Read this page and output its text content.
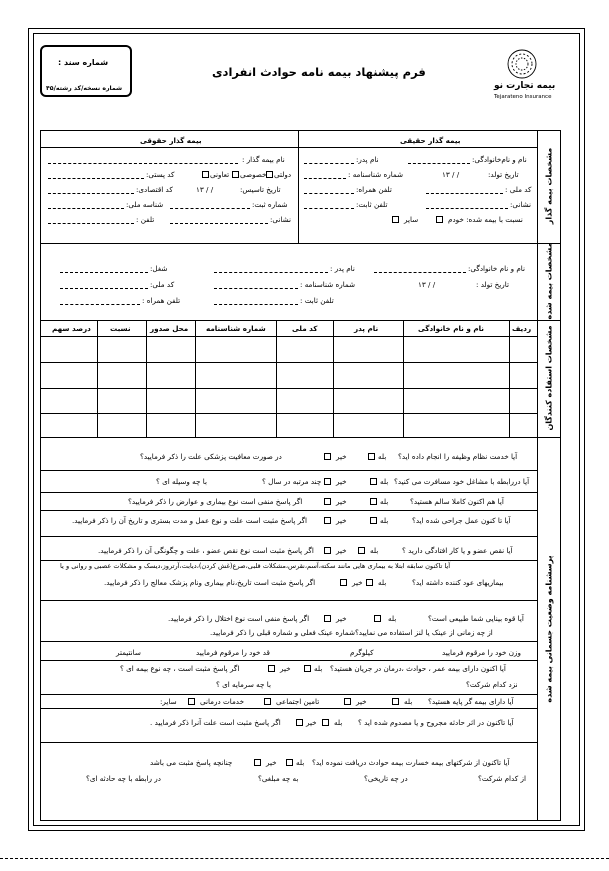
شماره سند :
شماره نسخه/کد رشته/۴۵
فرم پیشنهاد بیمه نامه حوادث انفرادی
بیمه تجارت نو
Tejarateno Insurance
مشخصات بیمه گذار
مشخصات بیمه شده
مشخصات استفاده کنندگان
پرسشنامه وضعیت جسمانی بیمه شده
بیمه گذار حقیقی
بیمه گذار حقوقی
نام و نام‌خانوادگی:
نام پدر:
تاریخ تولد:
/ / ۱۳
شماره شناسنامه :
کد ملی :
تلفن همراه:
نشانی:
تلفن ثابت:
نسبت با بیمه شده: خودم
سایر
نام بیمه گذار :
دولتی
خصوصی
تعاونی
کد پستی:
تاریخ تاسیس:
/ / ۱۳
کد اقتصادی:
شماره ثبت:
شناسه ملی:
نشانی:
تلفن :
نام و نام خانوادگی:
نام پدر :
شغل:
تاریخ تولد :
/ / ۱۳
شماره شناسنامه :
کد ملی:
تلفن ثابت :
تلفن همراه :
ردیف
نام و نام خانوادگی
نام پدر
کد ملی
شماره شناسنامه
محل صدور
نسبت
درصد سهم
آیا خدمت نظام وظیفه را انجام داده اید؟
بله
خیر
در صورت معافیت پزشکی علت را ذکر فرمایید؟
آیا دررابطه با مشاغل خود مسافرت می کنید؟
بله
خیر
چند مرتبه در سال ؟
با چه وسیله ای ؟
آیا هم اکنون کاملا سالم هستید؟
بله
خیر
اگر پاسخ منفی است نوع بیماری و عوارض را ذکر فرمایید؟
آیا تا کنون عمل جراحی شده اید؟
بله
خیر
اگر پاسخ مثبت است علت و نوع عمل و مدت بستری و تاریخ آن را ذکر فرمایید.
آیا نقص عضو و یا کار افتادگی دارید ؟
بله
خیر
اگر پاسخ مثبت است نوع نقص عضو ، علت و چگونگی آن را ذکر فرمایید.
آیا تاکنون سابقه ابتلا به بیماری هایی مانند سکته،آسم،نقرس،مشکلات قلبی،صرع(غش کردن)،دیابت،آرتروز،دیسک و مشکلات عصبی و روانی و یا
بیماریهای عود کننده داشته اید؟
بله
خیر
اگر پاسخ مثبت است تاریخ،نام بیماری ونام پزشک معالج را ذکر فرمایید.
آیا قوه بینایی شما طبیعی است؟
بله
خیر
اگر پاسخ منفی است نوع اختلال را ذکر فرمایید.
از چه زمانی از عینک یا لنز استفاده می نمایید؟شماره عینک فعلی و شماره قبلی را ذکر فرمایید.
وزن خود را مرقوم فرمایید
کیلوگرم
قد خود را مرقوم فرمایید
سانتیمتر
آیا اکنون دارای بیمه عمر ، حوادث ،درمان در جریان هستید؟
بله
خیر
اگر پاسخ مثبت است ، چه نوع بیمه ای ؟
نزد کدام شرکت؟
با چه سرمایه ای ؟
آیا دارای بیمه گر پایه هستید؟
بله
خیر
تامین اجتماعی
خدمات درمانی
سایر:
آیا تاکنون در اثر حادثه مجروح و یا مصدوم شده اید ؟
بله
خیر
اگر پاسخ مثبت است علت آنرا ذکر فرمایید .
آیا تاکنون از شرکتهای بیمه خسارت بیمه حوادث دریافت نموده اید؟
بله
خیر
چنانچه پاسخ مثبت می باشد
از کدام شرکت؟
در چه تاریخی؟
به چه مبلغی؟
در رابطه با چه حادثه ای؟
